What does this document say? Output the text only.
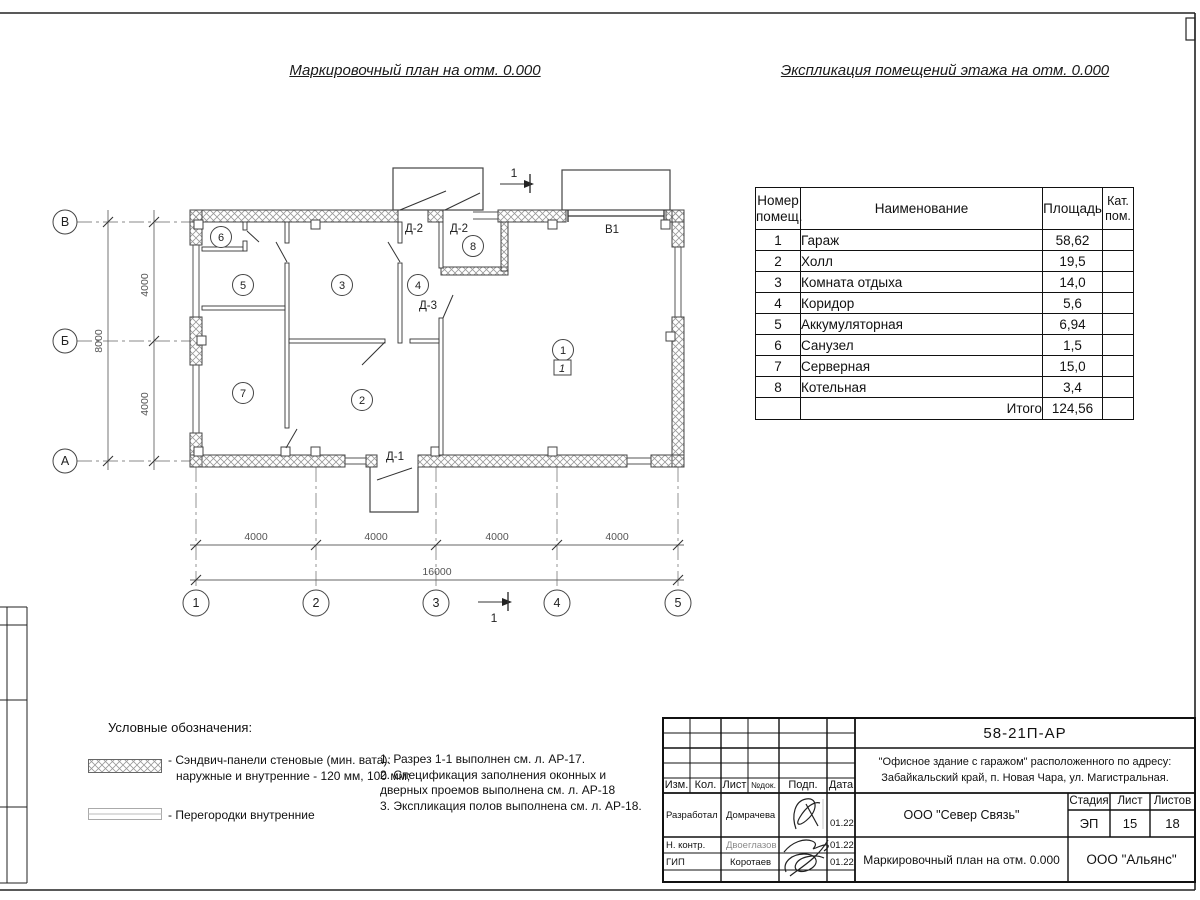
Маркировочный план на отм. 0.000	Экспликация помещений этажа на отм. 0.000
Номер помещ.	Наименование	Площадь	Кат. пом.
1	Гараж	58,62	
2	Холл	19,5	
3	Комната отдыха	14,0	
4	Коридор	5,6	
5	Аккумуляторная	6,94	
6	Санузел	1,5	
7	Серверная	15,0	
8	Котельная	3,4	
	Итого	124,56	
4000
4000
8000
4000	4000	4000	4000
16000
1
2
3	4
5
6
7
8
1
Д-2 Д-2
Д-3
Д-1
В1
В
Б
А
1	2	3	4	5
1
1
Условные обозначения:
- Сэндвич-панели стеновые (мин. вата):
наружные и внутренние - 120 мм, 100 мм;
- Перегородки внутренние
1. Разрез 1-1 выполнен см. л. АР-17.
2. Спецификация заполнения оконных и дверных проемов выполнена см. л. АР-18
3. Экспликация полов выполнена см. л. АР-18.
58-21П-АР
"Офисное здание с гаражом" расположенного по адресу:
Забайкальский край, п. Новая Чара, ул. Магистральная.
ООО "Север Связь"
Стадия Лист Листов
ЭП	15	18
Маркировочный план на отм. 0.000	ООО "Альянс"
Изм. Кол. Лист №док.	Подп.	Дата
Разработал Домрачева
01.22
Н. контр. Двоеглазов	01.22
ГИП	Коротаев	01.22
